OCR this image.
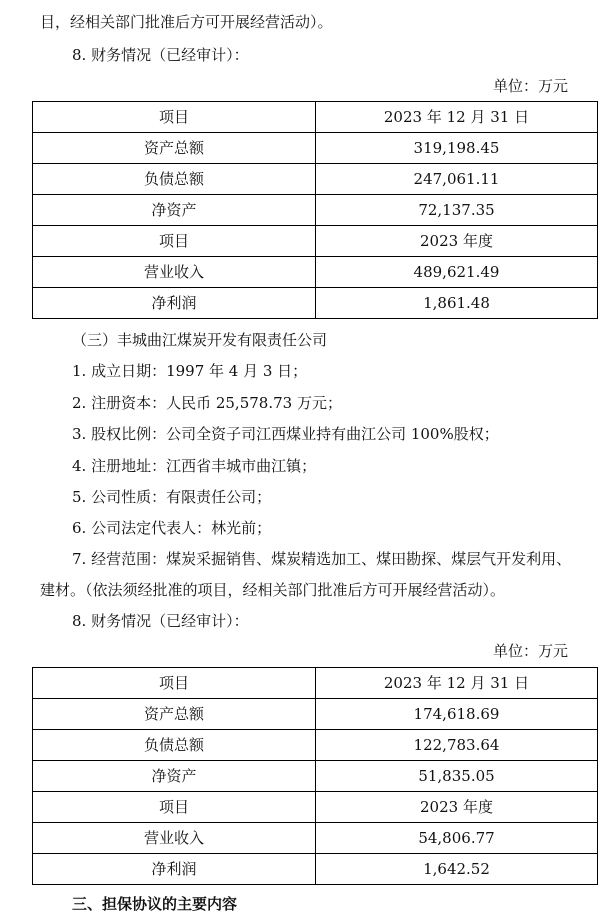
目，经相关部门批准后方可开展经营活动）。
8. 财务情况（已经审计）：
单位：万元
项目	2023 年 12 月 31 日
资产总额	319,198.45
负债总额	247,061.11
净资产	72,137.35
项目	2023 年度
营业收入	489,621.49
净利润	1,861.48
（三）丰城曲江煤炭开发有限责任公司
1. 成立日期：1997 年 4 月 3 日；
2. 注册资本：人民币 25,578.73 万元；
3. 股权比例：公司全资子司江西煤业持有曲江公司 100%股权；
4. 注册地址：江西省丰城市曲江镇；
5. 公司性质：有限责任公司；
6. 公司法定代表人：林光前；
7. 经营范围：煤炭采掘销售、煤炭精选加工、煤田勘探、煤层气开发利用、
建材。（依法须经批准的项目，经相关部门批准后方可开展经营活动）。
8. 财务情况（已经审计）：
单位：万元
项目	2023 年 12 月 31 日
资产总额	174,618.69
负债总额	122,783.64
净资产	51,835.05
项目	2023 年度
营业收入	54,806.77
净利润	1,642.52
三、担保协议的主要内容
